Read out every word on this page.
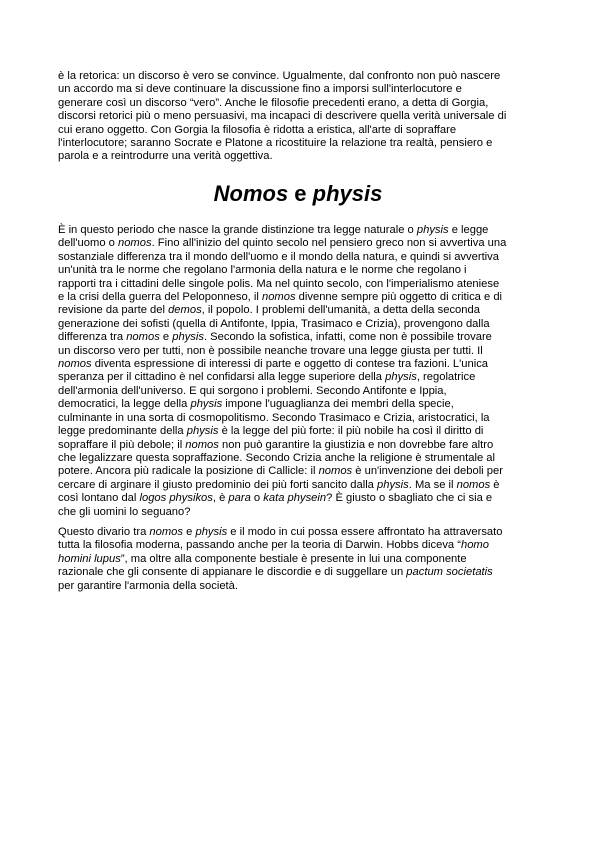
è la retorica: un discorso è vero se convince. Ugualmente, dal confronto non può nascere
un accordo ma si deve continuare la discussione fino a imporsi sull'interlocutore e
generare così un discorso “vero”. Anche le filosofie precedenti erano, a detta di Gorgia,
discorsi retorici più o meno persuasivi, ma incapaci di descrivere quella verità universale di
cui erano oggetto. Con Gorgia la filosofia è ridotta a eristica, all'arte di sopraffare
l'interlocutore; saranno Socrate e Platone a ricostituire la relazione tra realtà, pensiero e
parola e a reintrodurre una verità oggettiva.
Nomos e physis
È in questo periodo che nasce la grande distinzione tra legge naturale o physis e legge
dell'uomo o nomos. Fino all'inizio del quinto secolo nel pensiero greco non si avvertiva una
sostanziale differenza tra il mondo dell'uomo e il mondo della natura, e quindi si avvertiva
un'unità tra le norme che regolano l'armonia della natura e le norme che regolano i
rapporti tra i cittadini delle singole polis. Ma nel quinto secolo, con l'imperialismo ateniese
e la crisi della guerra del Peloponneso, il nomos divenne sempre più oggetto di critica e di
revisione da parte del demos, il popolo. I problemi dell'umanità, a detta della seconda
generazione dei sofisti (quella di Antifonte, Ippia, Trasimaco e Crizia), provengono dalla
differenza tra nomos e physis. Secondo la sofistica, infatti, come non è possibile trovare
un discorso vero per tutti, non è possibile neanche trovare una legge giusta per tutti. Il
nomos diventa espressione di interessi di parte e oggetto di contese tra fazioni. L'unica
speranza per il cittadino è nel confidarsi alla legge superiore della physis, regolatrice
dell'armonia dell'universo. E qui sorgono i problemi. Secondo Antifonte e Ippia,
democratici, la legge della physis impone l'uguaglianza dei membri della specie,
culminante in una sorta di cosmopolitismo. Secondo Trasimaco e Crizia, aristocratici, la
legge predominante della physis è la legge del più forte: il più nobile ha così il diritto di
sopraffare il più debole; il nomos non può garantire la giustizia e non dovrebbe fare altro
che legalizzare questa sopraffazione. Secondo Crizia anche la religione è strumentale al
potere. Ancora più radicale la posizione di Callicle: il nomos è un'invenzione dei deboli per
cercare di arginare il giusto predominio dei più forti sancito dalla physis. Ma se il nomos è
così lontano dal logos physikos, è para o kata physein? È giusto o sbagliato che ci sia e
che gli uomini lo seguano?
Questo divario tra nomos e physis e il modo in cui possa essere affrontato ha attraversato
tutta la filosofia moderna, passando anche per la teoria di Darwin. Hobbs diceva “homo
homini lupus”, ma oltre alla componente bestiale è presente in lui una componente
razionale che gli consente di appianare le discordie e di suggellare un pactum societatis
per garantire l'armonia della società.
